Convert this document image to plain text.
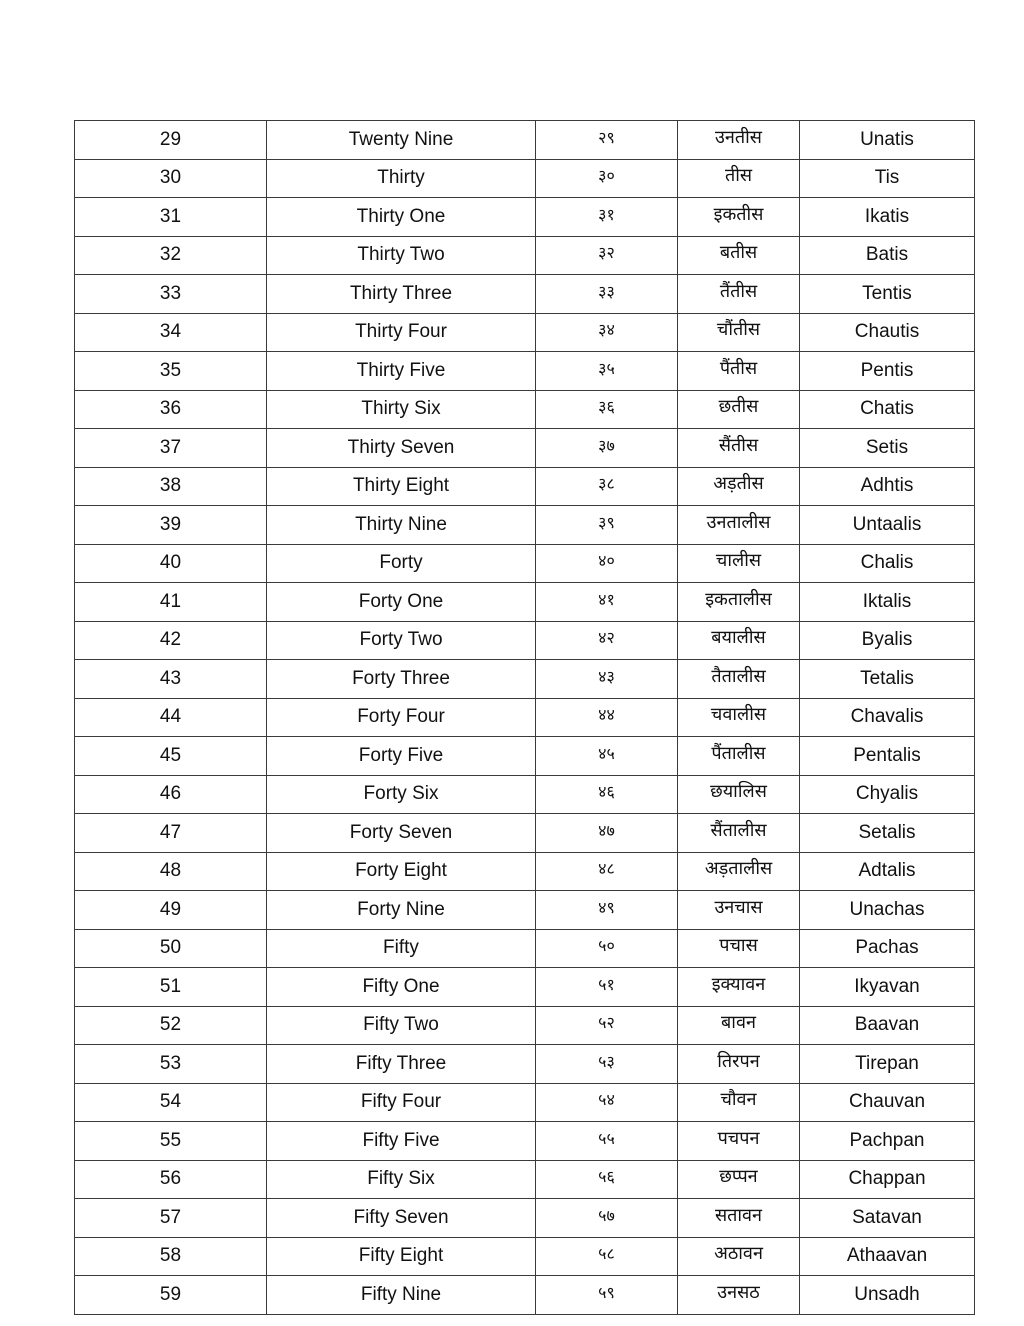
29	Twenty Nine	२९	उनतीस	Unatis
30	Thirty	३०	तीस	Tis
31	Thirty One	३१	इकतीस	Ikatis
32	Thirty Two	३२	बतीस	Batis
33	Thirty Three	३३	तैंतीस	Tentis
34	Thirty Four	३४	चौंतीस	Chautis
35	Thirty Five	३५	पैंतीस	Pentis
36	Thirty Six	३६	छतीस	Chatis
37	Thirty Seven	३७	सैंतीस	Setis
38	Thirty Eight	३८	अड़तीस	Adhtis
39	Thirty Nine	३९	उनतालीस	Untaalis
40	Forty	४०	चालीस	Chalis
41	Forty One	४१	इकतालीस	Iktalis
42	Forty Two	४२	बयालीस	Byalis
43	Forty Three	४३	तैतालीस	Tetalis
44	Forty Four	४४	चवालीस	Chavalis
45	Forty Five	४५	पैंतालीस	Pentalis
46	Forty Six	४६	छयालिस	Chyalis
47	Forty Seven	४७	सैंतालीस	Setalis
48	Forty Eight	४८	अड़तालीस	Adtalis
49	Forty Nine	४९	उनचास	Unachas
50	Fifty	५०	पचास	Pachas
51	Fifty One	५१	इक्यावन	Ikyavan
52	Fifty Two	५२	बावन	Baavan
53	Fifty Three	५३	तिरपन	Tirepan
54	Fifty Four	५४	चौवन	Chauvan
55	Fifty Five	५५	पचपन	Pachpan
56	Fifty Six	५६	छप्पन	Chappan
57	Fifty Seven	५७	सतावन	Satavan
58	Fifty Eight	५८	अठावन	Athaavan
59	Fifty Nine	५९	उनसठ	Unsadh
